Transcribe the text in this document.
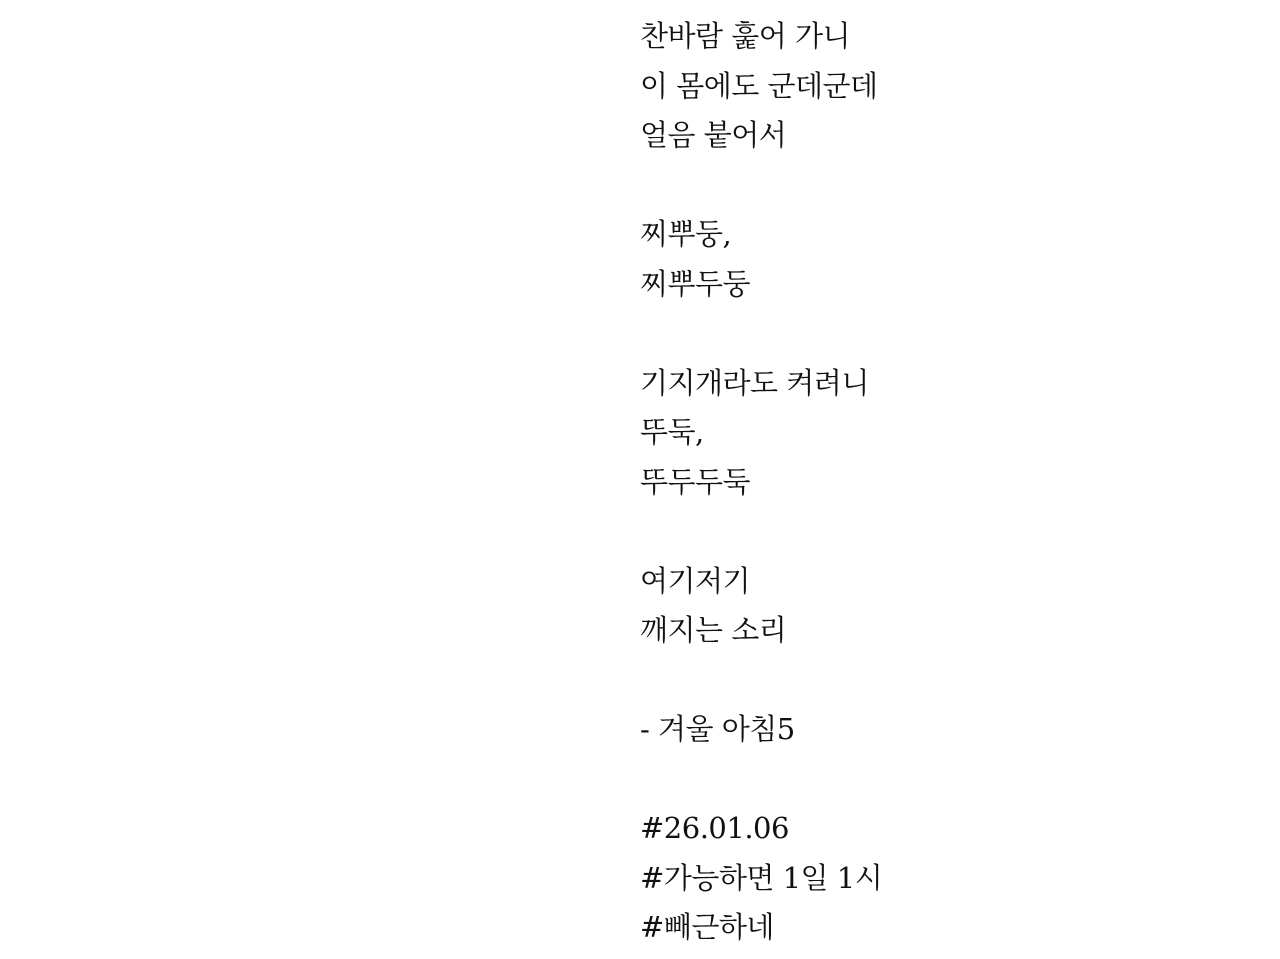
찬바람 훑어 가니
이 몸에도 군데군데
얼음 붙어서
찌뿌둥,
찌뿌두둥
기지개라도 켜려니
뚜둑,
뚜두두둑
여기저기
깨지는 소리
- 겨울 아침5
#26.01.06
#가능하면 1일 1시
#빼근하네
